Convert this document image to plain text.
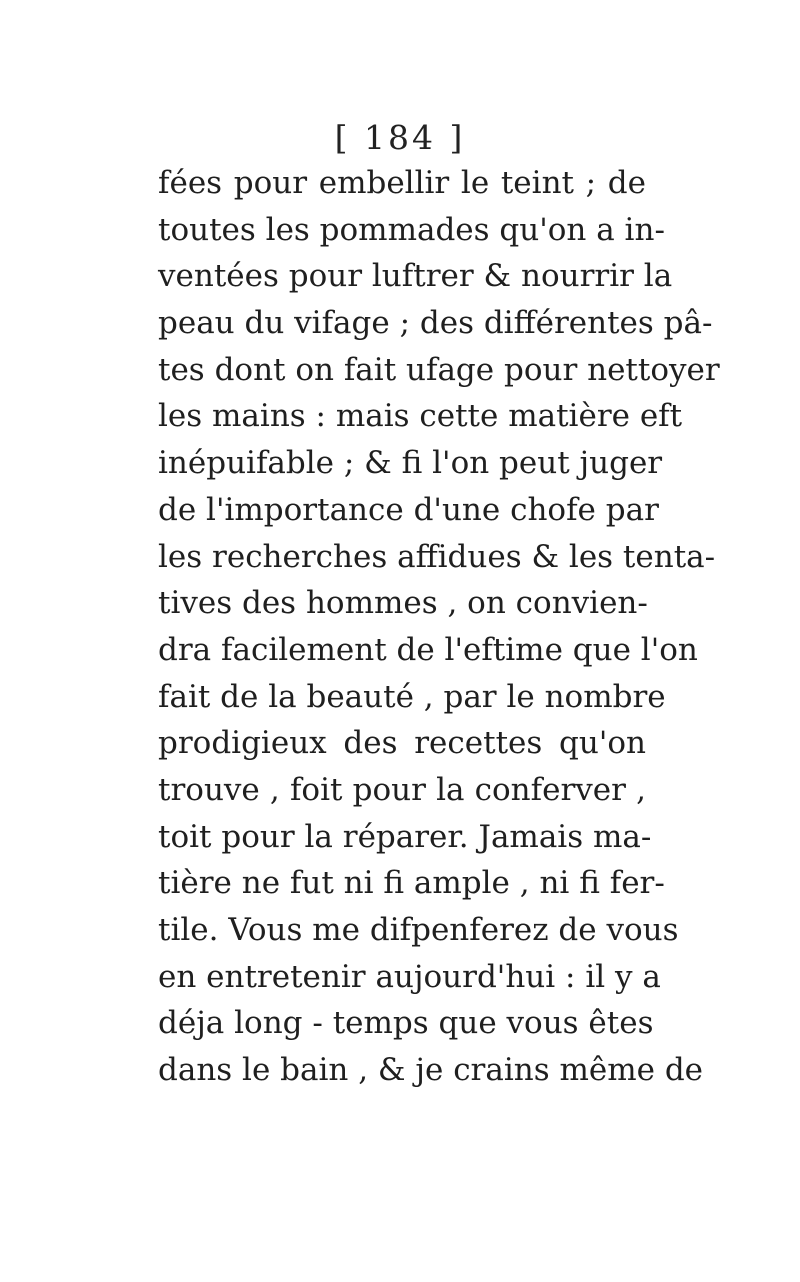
[ 184 ]
fées pour embellir le teint ; de
toutes les pommades qu'on a in-
ventées pour luftrer & nourrir la
peau du vifage ; des différentes pâ-
tes dont on fait ufage pour nettoyer
les mains : mais cette matière eft
inépuifable ; & fi l'on peut juger
de l'importance d'une chofe par
les recherches affidues & les tenta-
tives des hommes , on convien-
dra facilement de l'eftime que l'on
fait de la beauté , par le nombre
prodigieux des recettes qu'on
trouve , foit pour la conferver ,
toit pour la réparer. Jamais ma-
tière ne fut ni fi ample , ni fi fer-
tile. Vous me difpenferez de vous
en entretenir aujourd'hui : il y a
déja long - temps que vous êtes
dans le bain , & je crains même de
